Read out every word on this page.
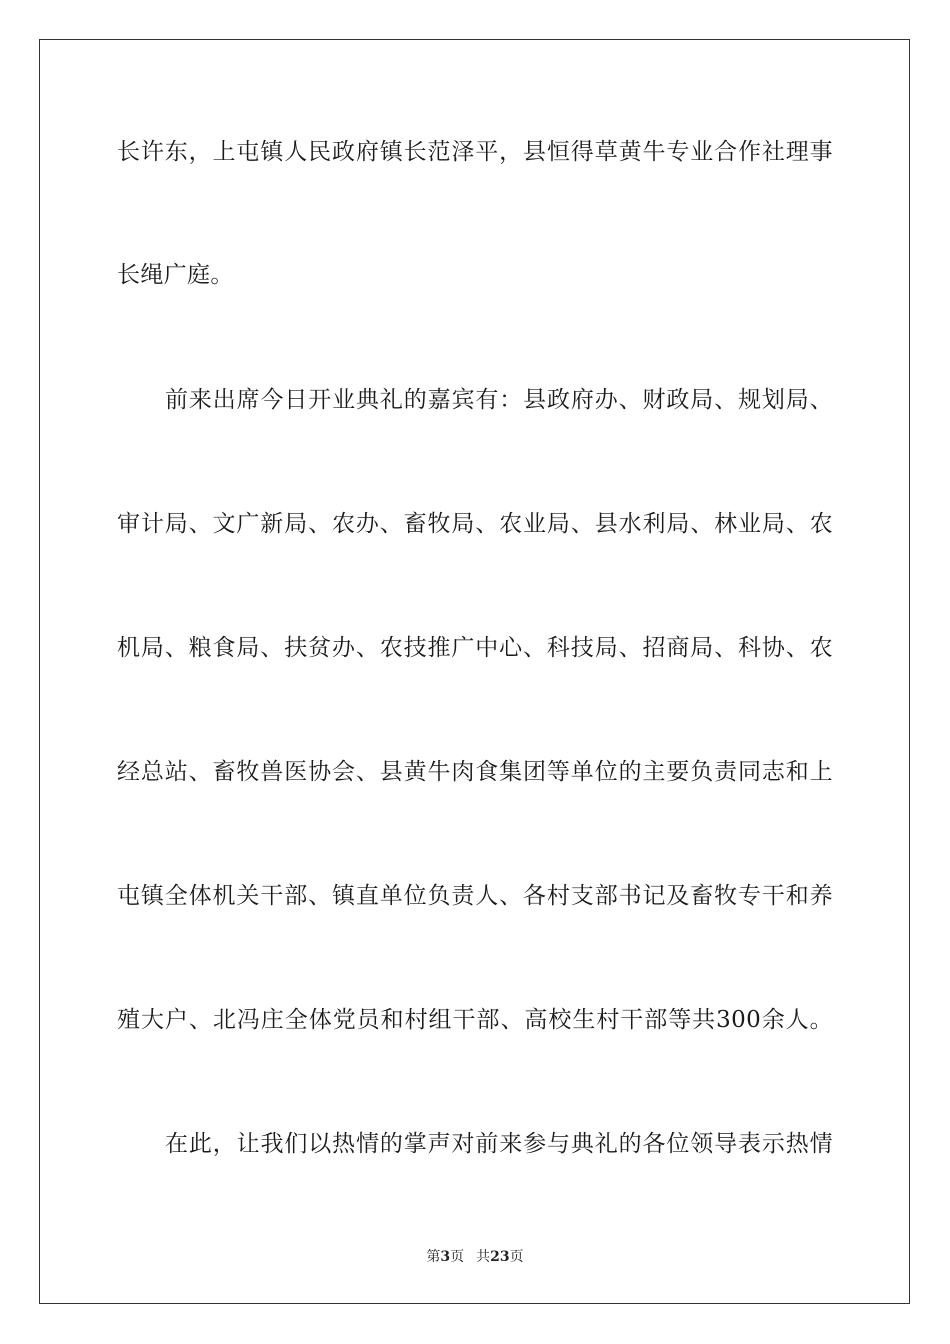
长许东，上屯镇人民政府镇长范泽平，县恒得草黄牛专业合作社理事
长绳广庭。
前来出席今日开业典礼的嘉宾有：县政府办、财政局、规划局、
审计局、文广新局、农办、畜牧局、农业局、县水利局、林业局、农
机局、粮食局、扶贫办、农技推广中心、科技局、招商局、科协、农
经总站、畜牧兽医协会、县黄牛肉食集团等单位的主要负责同志和上
屯镇全体机关干部、镇直单位负责人、各村支部书记及畜牧专干和养
殖大户、北冯庄全体党员和村组干部、高校生村干部等共300余人。
在此，让我们以热情的掌声对前来参与典礼的各位领导表示热情
第3页 共23页
